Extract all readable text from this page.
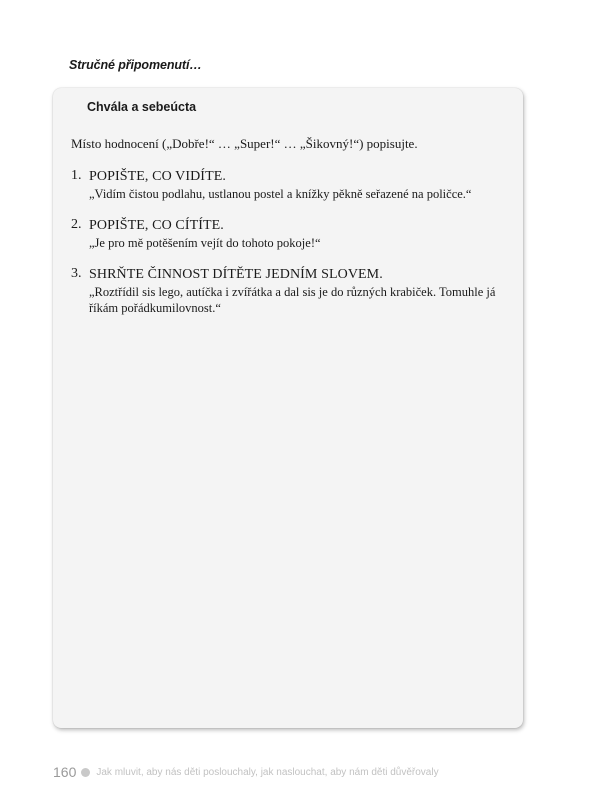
Stručné připomenutí…
Chvála a sebeúcta
Místo hodnocení („Dobře!“ … „Super!“ … „Šikovný!“) popisujte.
1. POPIŠTE, CO VIDÍTE.
„Vidím čistou podlahu, ustlanou postel a knížky pěkně seřazené na poličce.“
2. POPIŠTE, CO CÍTÍTE.
„Je pro mě potěšením vejít do tohoto pokoje!“
3. SHRŇTE ČINNOST DÍTĚTE JEDNÍM SLOVEM.
„Roztřídil sis lego, autíčka i zvířátka a dal sis je do různých krabiček. Tomuhle já říkám pořádkumilovnost.“
160 Jak mluvit, aby nás děti poslouchaly, jak naslouchat, aby nám děti důvěřovaly
